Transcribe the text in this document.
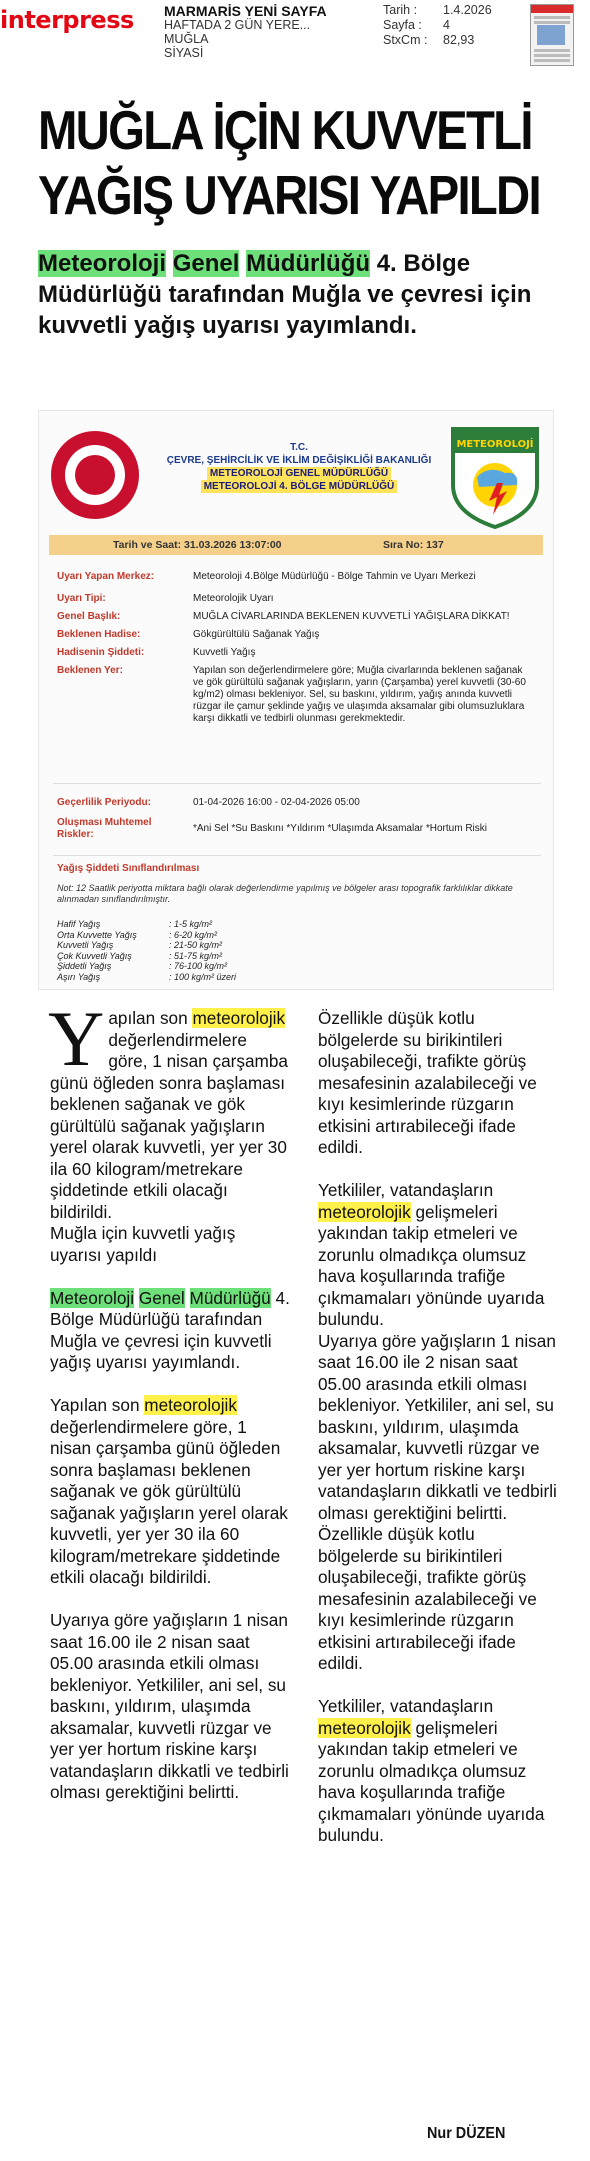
interpress MARMARİS YENİ SAYFA
HAFTADA 2 GÜN YERE...
MUĞLA
SİYASİ
Tarih :	1.4.2026
Sayfa :	4
StxCm :	82,93
MUĞLA İÇİN KUVVETLİ
YAĞIŞ UYARISI YAPILDI
Meteoroloji Genel Müdürlüğü 4. Bölge Müdürlüğü tarafından Muğla ve çevresi için kuvvetli yağış uyarısı yayımlandı.
T.C.
ÇEVRE, ŞEHİRCİLİK VE İKLİM DEĞİŞİKLİĞİ BAKANLIĞI
METEOROLOJİ GENEL MÜDÜRLÜĞÜ
METEOROLOJİ 4. BÖLGE MÜDÜRLÜĞÜ
METEOROLOJİ
Tarih ve Saat: 31.03.2026 13:07:00	Sıra No: 137
Uyarı Yapan Merkez:	Meteoroloji 4.Bölge Müdürlüğü - Bölge Tahmin ve Uyarı Merkezi
Uyarı Tipi:	Meteorolojik Uyarı
Genel Başlık:	MUĞLA CİVARLARINDA BEKLENEN KUVVETLİ YAĞIŞLARA DİKKAT!
Beklenen Hadise:	Gökgürültülü Sağanak Yağış
Hadisenin Şiddeti:	Kuvvetli Yağış
Beklenen Yer:	Yapılan son değerlendirmelere göre; Muğla civarlarında beklenen sağanak ve gök gürültülü sağanak yağışların, yarın (Çarşamba) yerel kuvvetli (30-60 kg/m2) olması bekleniyor. Sel, su baskını, yıldırım, yağış anında kuvvetli rüzgar ile çamur şeklinde yağış ve ulaşımda aksamalar gibi olumsuzluklara karşı dikkatli ve tedbirli olunması gerekmektedir.
Geçerlilik Periyodu:	01-04-2026 16:00 - 02-04-2026 05:00
Oluşması Muhtemel Riskler:
*Ani Sel *Su Baskını *Yıldırım *Ulaşımda Aksamalar *Hortum Riski
Yağış Şiddeti Sınıflandırılması
Not: 12 Saatlik periyotta miktara bağlı olarak değerlendirme yapılmış ve bölgeler arası topografik farklılıklar dikkate alınmadan sınıflandırılmıştır.
Hafif Yağış	: 1-5 kg/m²
Orta Kuvvette Yağış	: 6-20 kg/m²
Kuvvetli Yağış	: 21-50 kg/m²
Çok Kuvvetli Yağış	: 51-75 kg/m²
Şiddetli Yağış	: 76-100 kg/m²
Aşırı Yağış	: 100 kg/m² üzeri

Yapılan son meteorolojik değerlendirmelere göre, 1 nisan çarşamba günü öğleden sonra başlaması beklenen sağanak ve gök gürültülü sağanak yağışların yerel olarak kuvvetli, yer yer 30 ila 60 kilogram/metrekare şiddetinde etkili olacağı bildirildi.

Muğla için kuvvetli yağış uyarısı yapıldı

Meteoroloji Genel Müdürlüğü 4. Bölge Müdürlüğü tarafından Muğla ve çevresi için kuvvetli yağış uyarısı yayımlandı.

Yapılan son meteorolojik değerlendirmelere göre, 1 nisan çarşamba günü öğleden sonra başlaması beklenen sağanak ve gök gürültülü sağanak yağışların yerel olarak kuvvetli, yer yer 30 ila 60 kilogram/metrekare şiddetinde etkili olacağı bildirildi.

Uyarıya göre yağışların 1 nisan saat 16.00 ile 2 nisan saat 05.00 arasında etkili olması bekleniyor. Yetkililer, ani sel, su baskını, yıldırım, ulaşımda aksamalar, kuvvetli rüzgar ve yer yer hortum riskine karşı vatandaşların dikkatli ve tedbirli olması gerektiğini belirtti.

Özellikle düşük kotlu bölgelerde su birikintileri oluşabileceği, trafikte görüş mesafesinin azalabileceği ve kıyı kesimlerinde rüzgarın etkisini artırabileceği ifade edildi.

Yetkililer, vatandaşların meteorolojik gelişmeleri yakından takip etmeleri ve zorunlu olmadıkça olumsuz hava koşullarında trafiğe çıkmamaları yönünde uyarıda bulundu.

Uyarıya göre yağışların 1 nisan saat 16.00 ile 2 nisan saat 05.00 arasında etkili olması bekleniyor. Yetkililer, ani sel, su baskını, yıldırım, ulaşımda aksamalar, kuvvetli rüzgar ve yer yer hortum riskine karşı vatandaşların dikkatli ve tedbirli olması gerektiğini belirtti.

Özellikle düşük kotlu bölgelerde su birikintileri oluşabileceği, trafikte görüş mesafesinin azalabileceği ve kıyı kesimlerinde rüzgarın etkisini artırabileceği ifade edildi.

Yetkililer, vatandaşların meteorolojik gelişmeleri yakından takip etmeleri ve zorunlu olmadıkça olumsuz hava koşullarında trafiğe çıkmamaları yönünde uyarıda bulundu.

Nur DÜZEN
